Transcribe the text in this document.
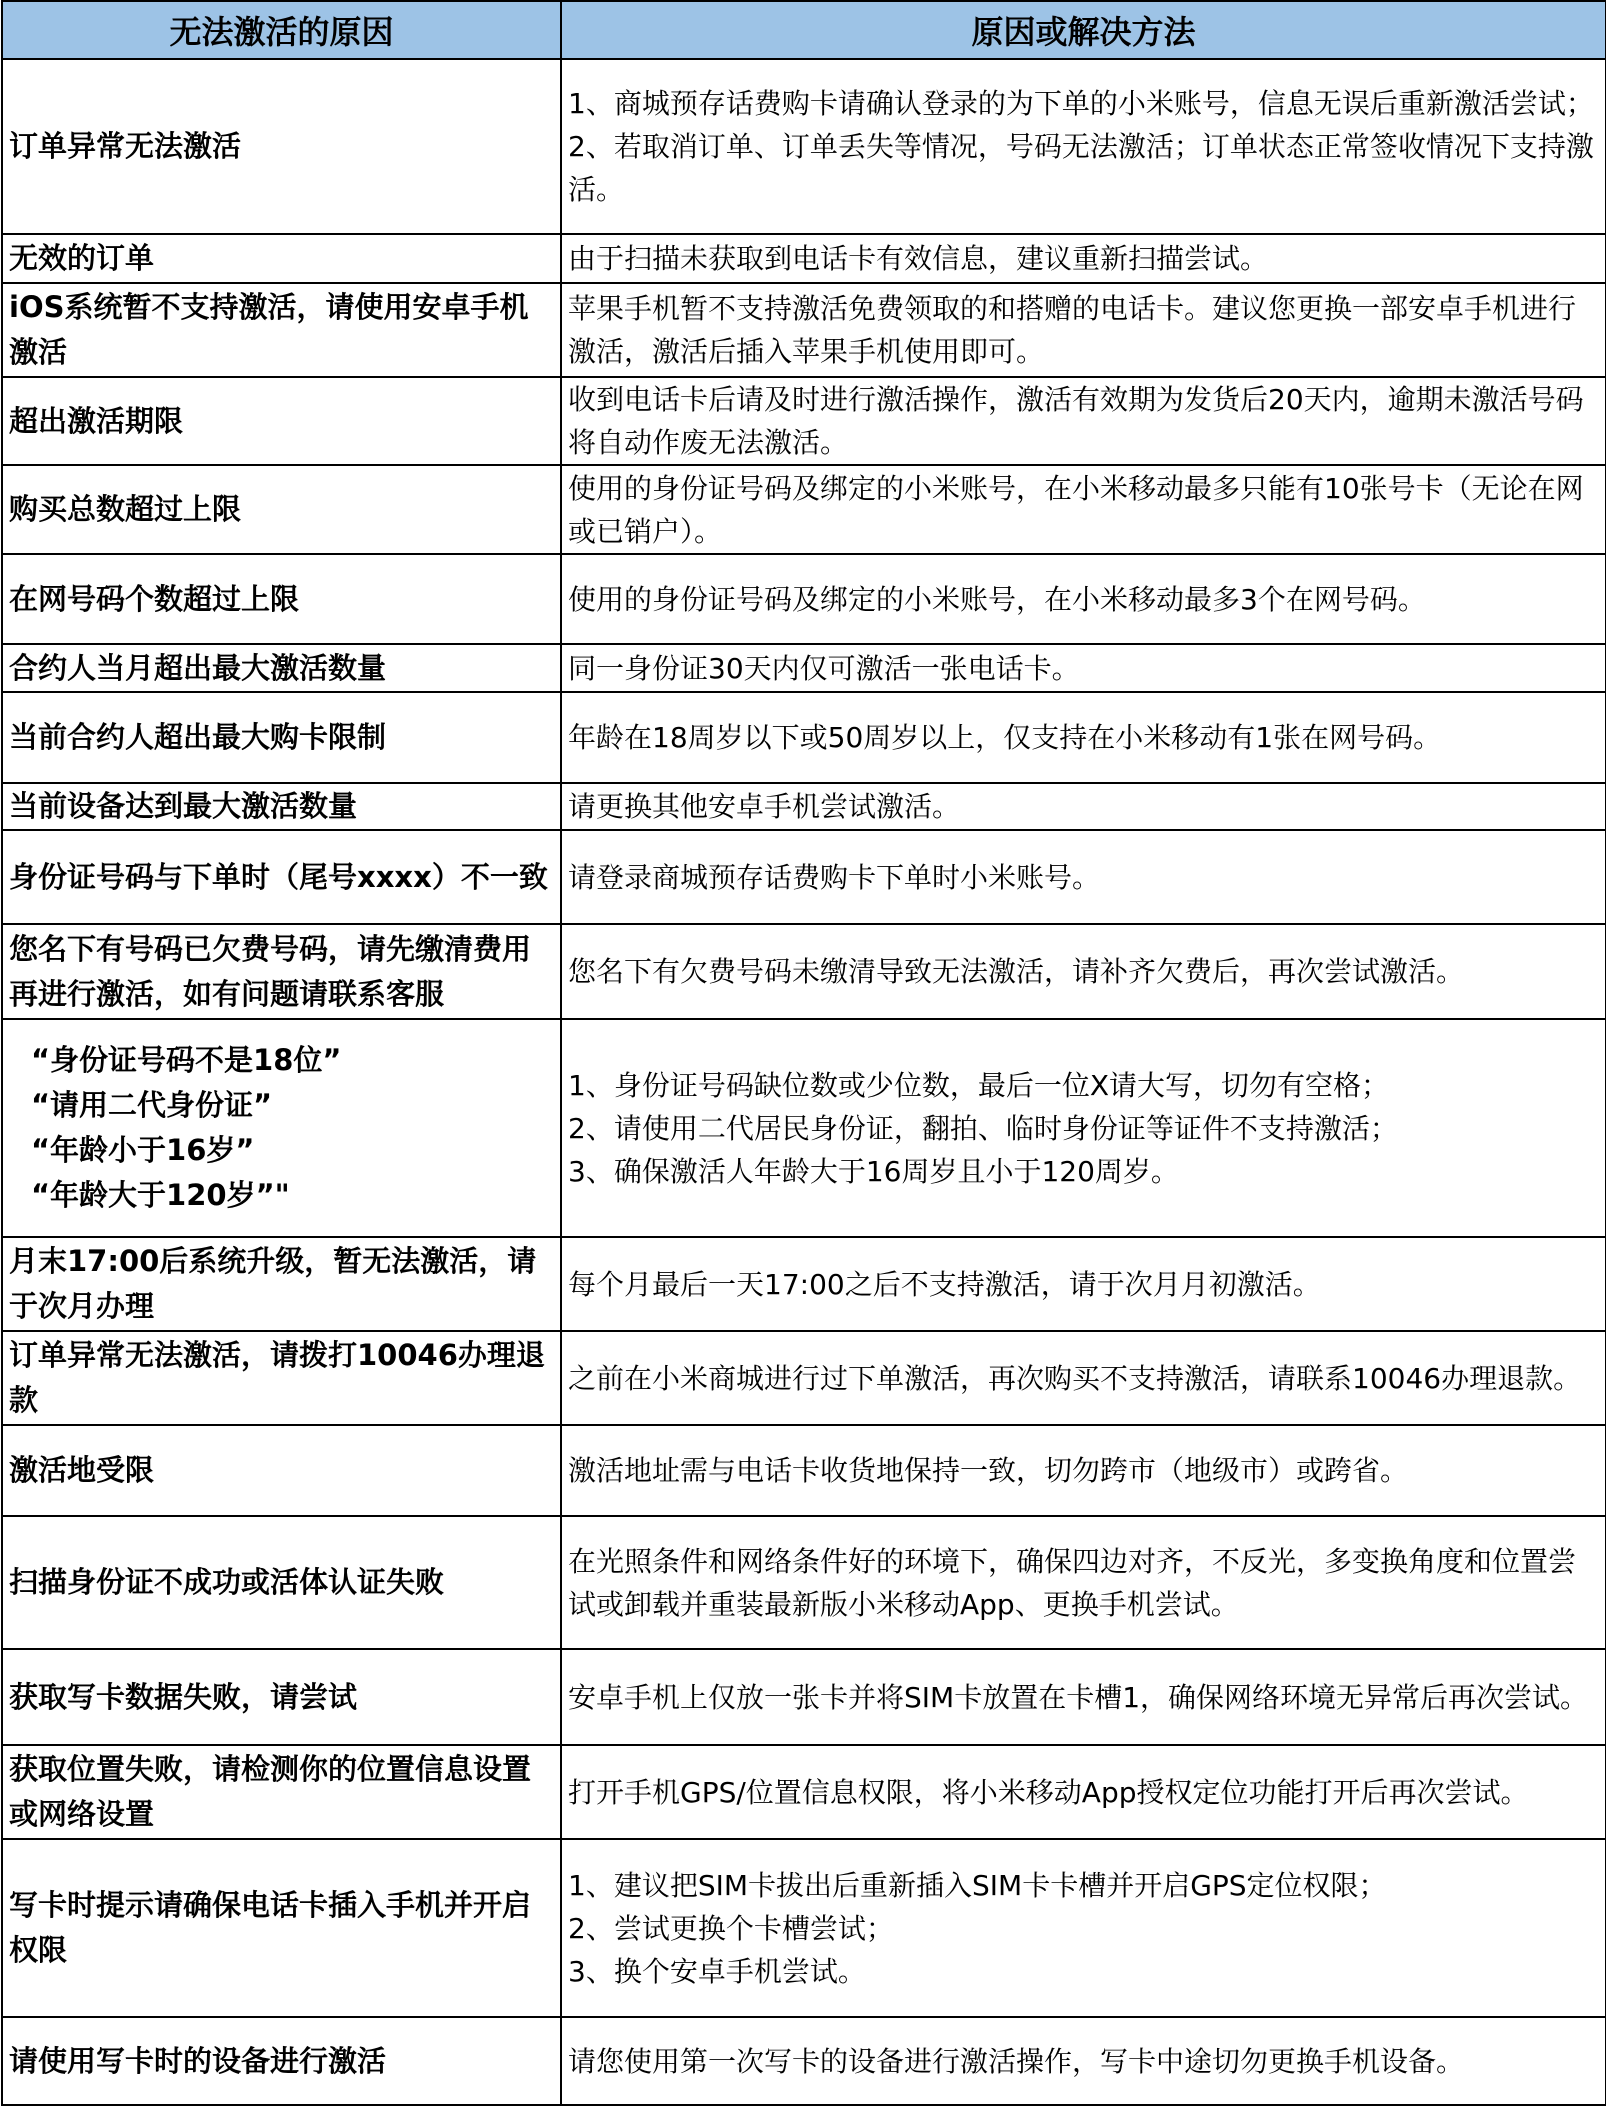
无法激活的原因	原因或解决方法
订单异常无法激活	1、商城预存话费购卡请确认登录的为下单的小米账号，信息无误后重新激活尝试；
2、若取消订单、订单丢失等情况，号码无法激活；订单状态正常签收情况下支持激活。
无效的订单	由于扫描未获取到电话卡有效信息，建议重新扫描尝试。
iOS系统暂不支持激活，请使用安卓手机激活	苹果手机暂不支持激活免费领取的和搭赠的电话卡。建议您更换一部安卓手机进行激活，激活后插入苹果手机使用即可。
超出激活期限	收到电话卡后请及时进行激活操作，激活有效期为发货后20天内，逾期未激活号码将自动作废无法激活。
购买总数超过上限	使用的身份证号码及绑定的小米账号，在小米移动最多只能有10张号卡（无论在网或已销户）。
在网号码个数超过上限	使用的身份证号码及绑定的小米账号，在小米移动最多3个在网号码。
合约人当月超出最大激活数量	同一身份证30天内仅可激活一张电话卡。
当前合约人超出最大购卡限制	年龄在18周岁以下或50周岁以上，仅支持在小米移动有1张在网号码。
当前设备达到最大激活数量	请更换其他安卓手机尝试激活。
身份证号码与下单时（尾号xxxx）不一致	请登录商城预存话费购卡下单时小米账号。
您名下有号码已欠费号码，请先缴清费用再进行激活，如有问题请联系客服	您名下有欠费号码未缴清导致无法激活，请补齐欠费后，再次尝试激活。
“身份证号码不是18位”
“请用二代身份证”
“年龄小于16岁”
“年龄大于120岁”"	1、身份证号码缺位数或少位数，最后一位X请大写，切勿有空格；
2、请使用二代居民身份证，翻拍、临时身份证等证件不支持激活；
3、确保激活人年龄大于16周岁且小于120周岁。
月末17:00后系统升级，暂无法激活，请于次月办理	每个月最后一天17:00之后不支持激活，请于次月月初激活。
订单异常无法激活，请拨打10046办理退款	之前在小米商城进行过下单激活，再次购买不支持激活，请联系10046办理退款。
激活地受限	激活地址需与电话卡收货地保持一致，切勿跨市（地级市）或跨省。
扫描身份证不成功或活体认证失败	在光照条件和网络条件好的环境下，确保四边对齐，不反光，多变换角度和位置尝试或卸载并重装最新版小米移动App、更换手机尝试。
获取写卡数据失败，请尝试	安卓手机上仅放一张卡并将SIM卡放置在卡槽1，确保网络环境无异常后再次尝试。
获取位置失败，请检测你的位置信息设置或网络设置	打开手机GPS/位置信息权限，将小米移动App授权定位功能打开后再次尝试。
写卡时提示请确保电话卡插入手机并开启权限	1、建议把SIM卡拔出后重新插入SIM卡卡槽并开启GPS定位权限；
2、尝试更换个卡槽尝试；
3、换个安卓手机尝试。
请使用写卡时的设备进行激活	请您使用第一次写卡的设备进行激活操作，写卡中途切勿更换手机设备。
